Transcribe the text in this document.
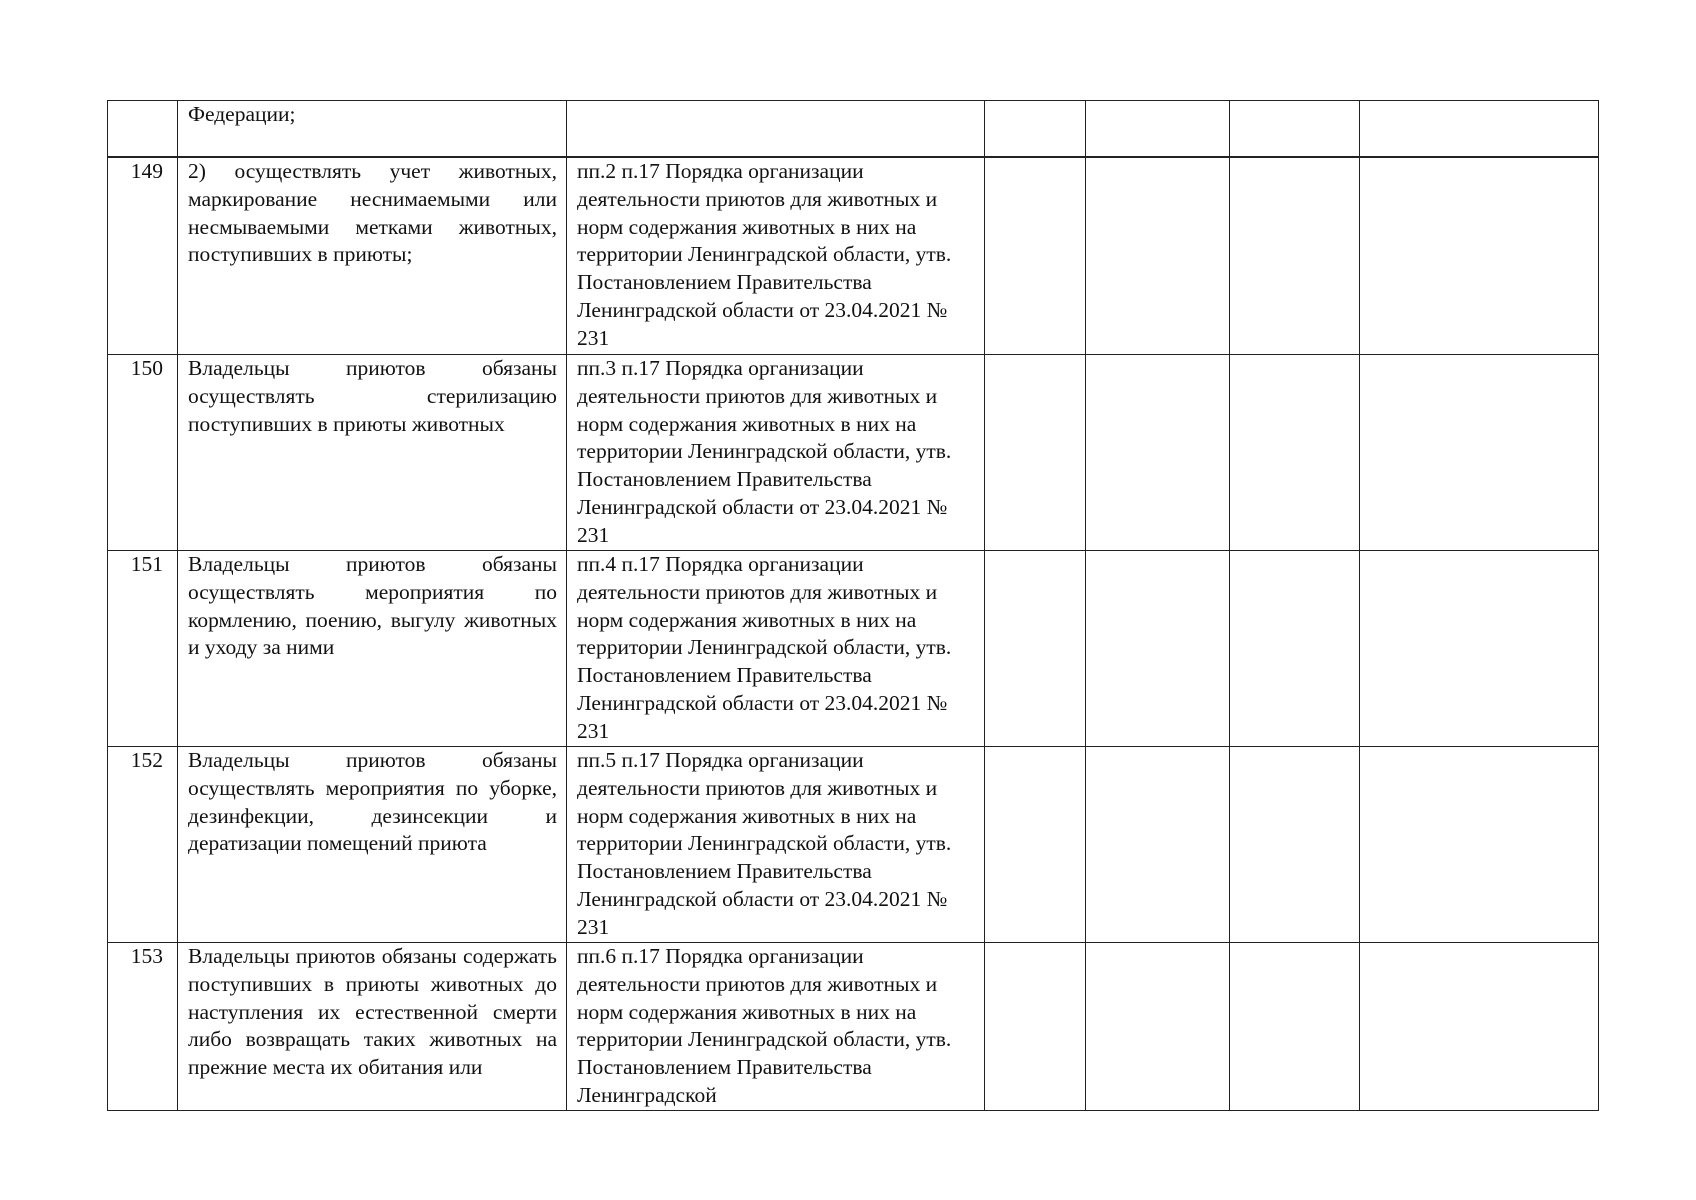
	Федерации;					
149	2) осуществлять учет животных, маркирование неснимаемыми или несмываемыми метками животных, поступивших в приюты;	пп.2 п.17 Порядка организации деятельности приютов для животных и норм содержания животных в них на территории Ленинградской области, утв. Постановлением Правительства Ленинградской области от 23.04.2021 № 231				
150	Владельцы приютов обязаны осуществлять стерилизацию поступивших в приюты животных	пп.3 п.17 Порядка организации деятельности приютов для животных и норм содержания животных в них на территории Ленинградской области, утв. Постановлением Правительства Ленинградской области от 23.04.2021 № 231				
151	Владельцы приютов обязаны осуществлять мероприятия по кормлению, поению, выгулу животных и уходу за ними	пп.4 п.17 Порядка организации деятельности приютов для животных и норм содержания животных в них на территории Ленинградской области, утв. Постановлением Правительства Ленинградской области от 23.04.2021 № 231				
152	Владельцы приютов обязаны осуществлять мероприятия по уборке, дезинфекции, дезинсекции и дератизации помещений приюта	пп.5 п.17 Порядка организации деятельности приютов для животных и норм содержания животных в них на территории Ленинградской области, утв. Постановлением Правительства Ленинградской области от 23.04.2021 № 231				
153	Владельцы приютов обязаны содержать поступивших в приюты животных до наступления их естественной смерти либо возвращать таких животных на прежние места их обитания или	пп.6 п.17 Порядка организации деятельности приютов для животных и норм содержания животных в них на территории Ленинградской области, утв. Постановлением Правительства Ленинградской				
